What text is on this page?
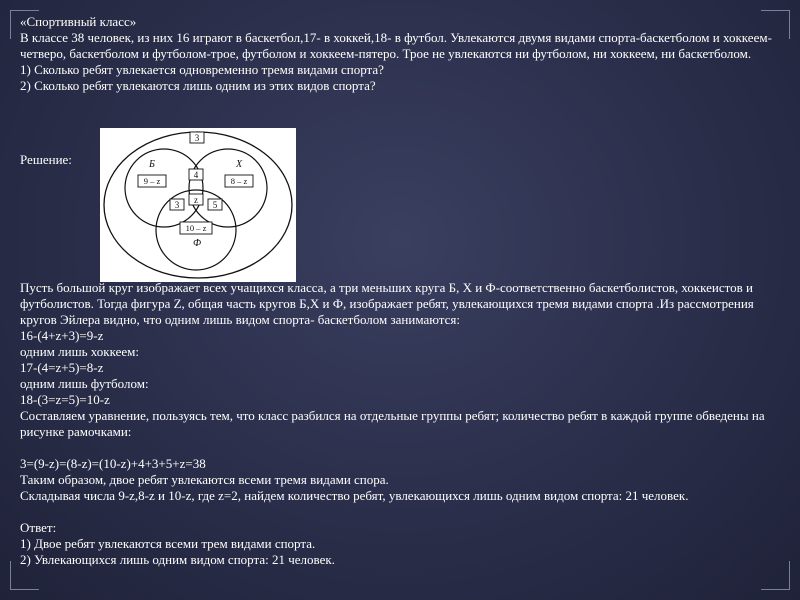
«Спортивный класс»

В классе 38 человек, из них 16 играют в баскетбол,17- в хоккей,18- в футбол. Увлекаются двумя видами спорта-баскетболом и хоккеем-четверо, баскетболом и футболом-трое, футболом и хоккеем-пятеро. Трое не увлекаются ни футболом, ни хоккеем, ни баскетболом.

1) Сколько ребят увлекается одновременно тремя видами спорта?

2) Сколько ребят увлекаются лишь одним из этих видов спорта?

Решение:

3
Б	Х
Ф
9 – z	8 – z
4
3 z 5
10 – z

Пусть большой круг изображает всех учащихся класса, а три меньших круга Б, Х и Ф-соответственно баскетболистов, хоккеистов и футболистов. Тогда фигура Z, общая часть кругов Б,Х и Ф, изображает ребят, увлекающихся тремя видами спорта .Из рассмотрения кругов Эйлера видно, что одним лишь видом спорта- баскетболом занимаются:

16-(4+z+3)=9-z

одним лишь хоккеем:

17-(4=z+5)=8-z

одним лишь футболом:

18-(3=z=5)=10-z

Составляем уравнение, пользуясь тем, что класс разбился на отдельные группы ребят; количество ребят в каждой группе обведены на рисунке рамочками:

3=(9-z)=(8-z)=(10-z)+4+3+5+z=38

Таким образом, двое ребят увлекаются всеми тремя видами спора.

Складывая числа 9-z,8-z и 10-z, где z=2, найдем количество ребят, увлекающихся лишь одним видом спорта: 21 человек.

Ответ:

1) Двое ребят увлекаются всеми трем видами спорта.

2) Увлекающихся лишь одним видом спорта: 21 человек.
